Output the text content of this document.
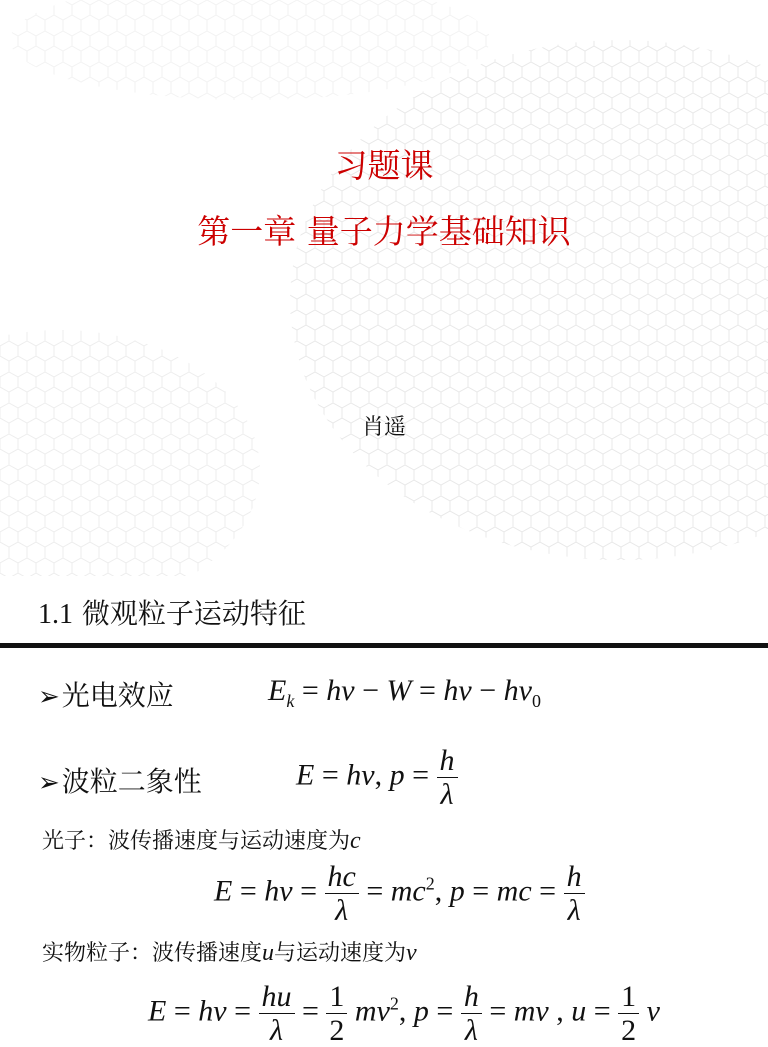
习题课
第一章 量子力学基础知识
肖遥
1.1 微观粒子运动特征
➢光电效应	$E_k = h\nu - W = h\nu - h\nu_0$
➢波粒二象性	E = hν, $p = \frac{h}{\lambda}$
光子：波传播速度与运动速度为c
$E = h\nu = \frac{hc}{\lambda} = mc^2$, p = mc = $\frac{h}{\lambda}$
实物粒子：波传播速度u与运动速度为v
$E = h\nu = \frac{hu}{\lambda} = \frac{1}{2} mv^2$, $p = \frac{h}{\lambda}$ = mv , $u = \frac{1}{2}$ v
